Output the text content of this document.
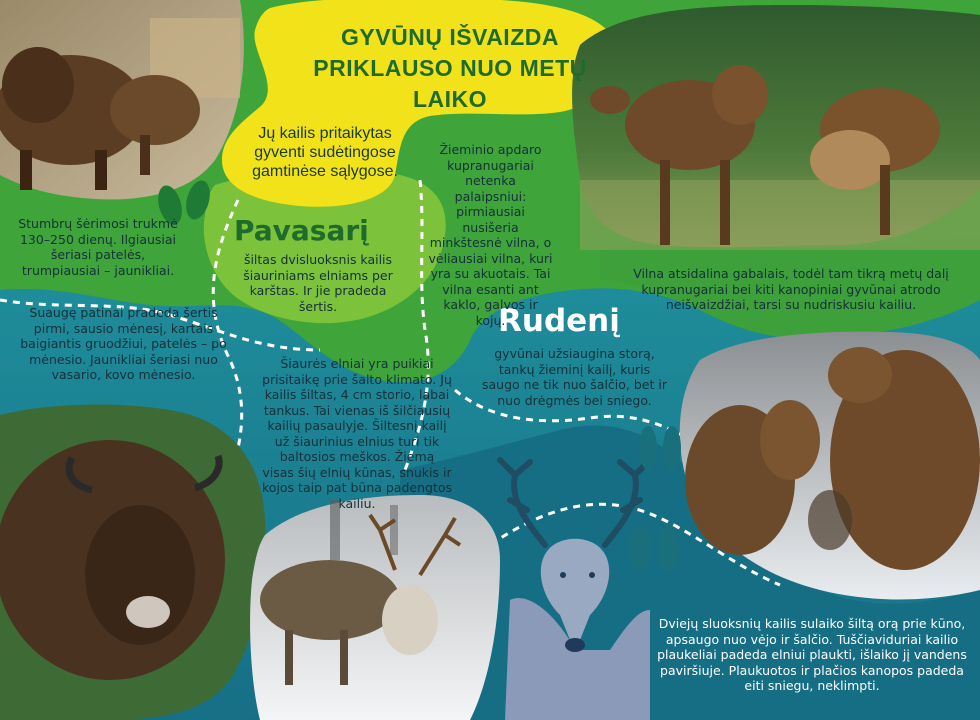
GYVŪNŲ IŠVAIZDA PRIKLAUSO NUO METŲ LAIKO
Jų kailis pritaikytas gyventi sudėtingose gamtinėse sąlygose.
Pavasarį
Rudenį
Stumbrų šėrimosi trukmė 130–250 dienų. Ilgiausiai šeriasi patelės, trumpiausiai – jaunikliai.
Suaugę patinai pradeda šertis pirmi, sausio mėnesį, kartais baigiantis gruodžiui, patelės – po mėnesio. Jaunikliai šeriasi nuo vasario, kovo mėnesio.
šiltas dvisluoksnis kailis šiauriniams elniams per karštas. Ir jie pradeda šertis.
Šiaurės elniai yra puikiai prisitaikę prie šalto klimato. Jų kailis šiltas, 4 cm storio, labai tankus. Tai vienas iš šilčiausių kailių pasaulyje. Šiltesnį kailį už šiaurinius elnius turi tik baltosios meškos. Žiemą visas šių elnių kūnas, snukis ir kojos taip pat būna padengtos kailiu.
Žieminio apdaro kupranugariai netenka palaipsniui: pirmiausiai nusišeria minkštesnė vilna, o vėliausiai vilna, kuri yra su akuotais. Tai vilna esanti ant kaklo, galvos ir kojų.
Vilna atsidalina gabalais, todėl tam tikrą metų dalį kupranugariai bei kiti kanopiniai gyvūnai atrodo neišvaizdžiai, tarsi su nudriskusiu kailiu.
gyvūnai užsiaugina storą, tankų žieminį kailį, kuris saugo ne tik nuo šalčio, bet ir nuo drėgmės bei sniego.
Dviejų sluoksnių kailis sulaiko šiltą orą prie kūno, apsaugo nuo vėjo ir šalčio. Tuščiaviduriai kailio plaukeliai padeda elniui plaukti, išlaiko jį vandens paviršiuje. Plaukuotos ir plačios kanopos padeda eiti sniegu, neklimpti.
